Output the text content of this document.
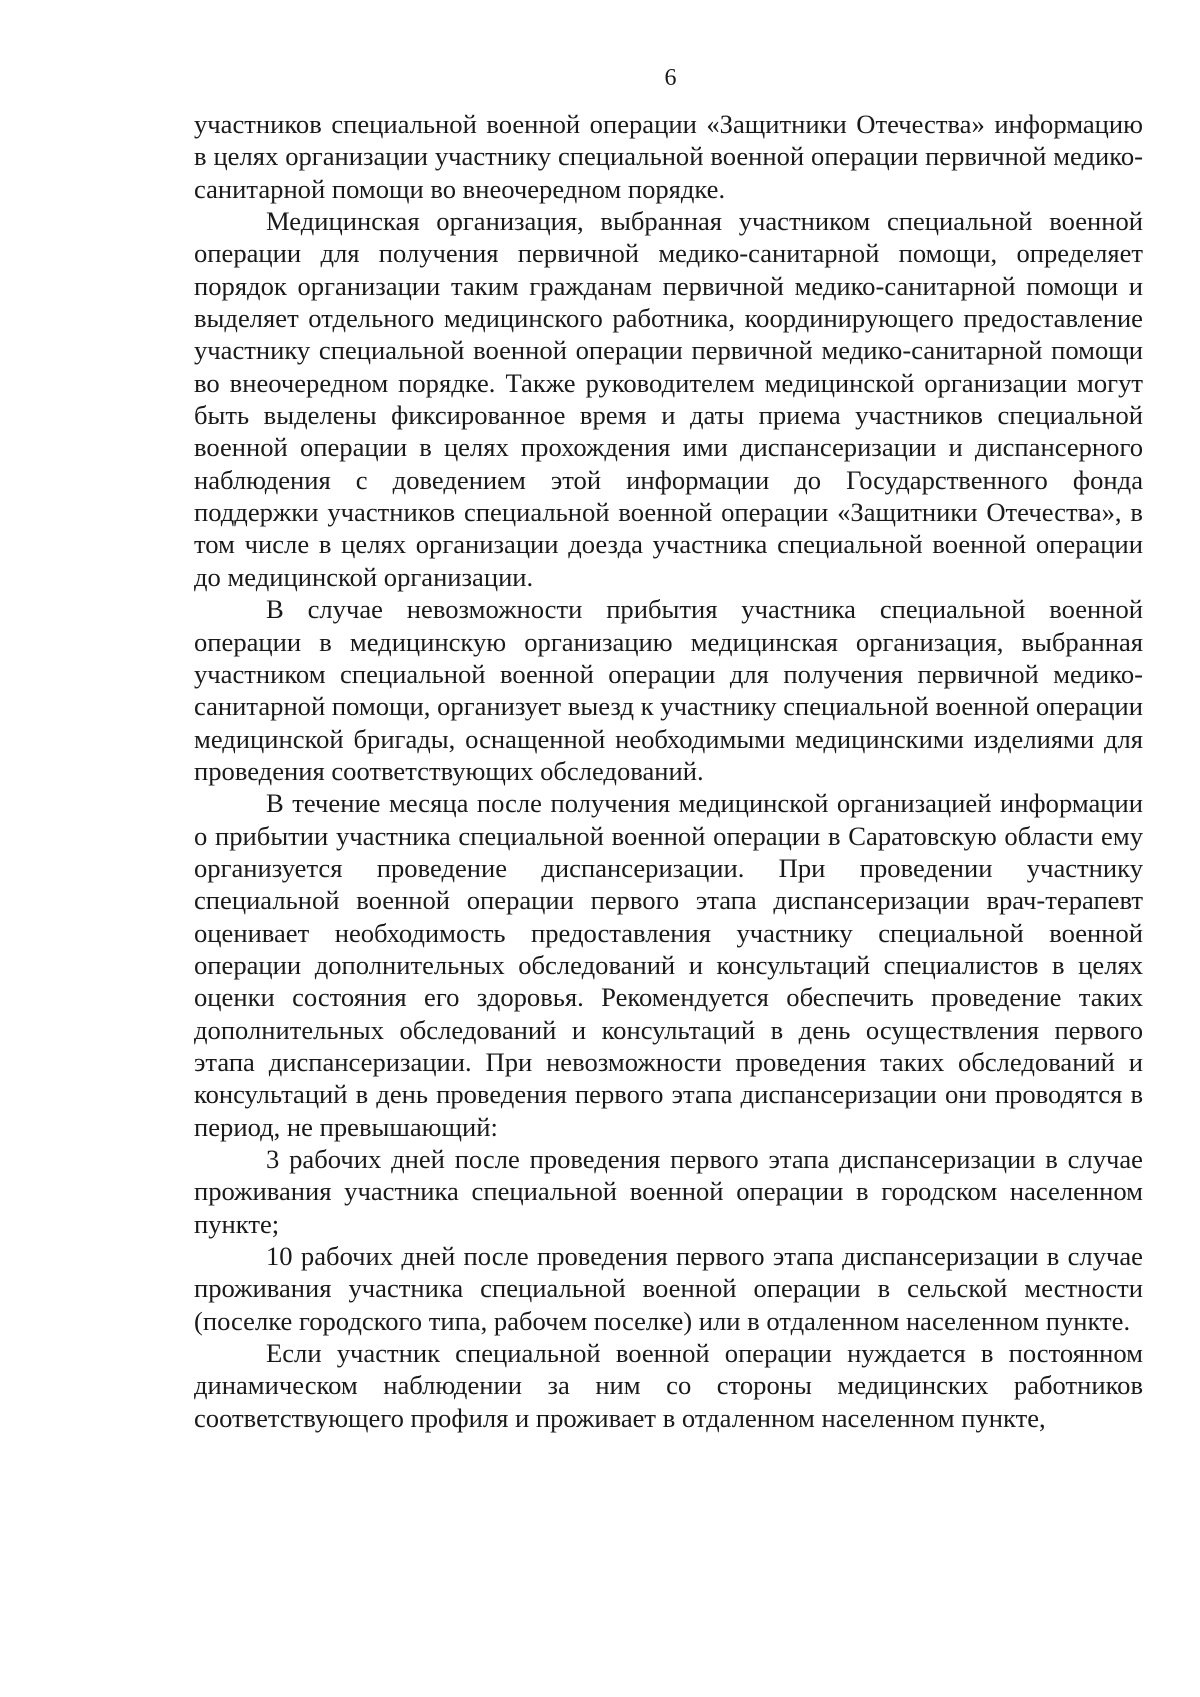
6

участников специальной военной операции «Защитники Отечества» информацию в целях организации участнику специальной военной операции первичной медико-санитарной помощи во внеочередном порядке.

Медицинская организация, выбранная участником специальной военной операции для получения первичной медико-санитарной помощи, определяет порядок организации таким гражданам первичной медико-санитарной помощи и выделяет отдельного медицинского работника, координирующего предоставление участнику специальной военной операции первичной медико-санитарной помощи во внеочередном порядке. Также руководителем медицинской организации могут быть выделены фиксированное время и даты приема участников специальной военной операции в целях прохождения ими диспансеризации и диспансерного наблюдения с доведением этой информации до Государственного фонда поддержки участников специальной военной операции «Защитники Отечества», в том числе в целях организации доезда участника специальной военной операции до медицинской организации.

В случае невозможности прибытия участника специальной военной операции в медицинскую организацию медицинская организация, выбранная участником специальной военной операции для получения первичной медико-санитарной помощи, организует выезд к участнику специальной военной операции медицинской бригады, оснащенной необходимыми медицинскими изделиями для проведения соответствующих обследований.

В течение месяца после получения медицинской организацией информации о прибытии участника специальной военной операции в Саратовскую области ему организуется проведение диспансеризации. При проведении участнику специальной военной операции первого этапа диспансеризации врач-терапевт оценивает необходимость предоставления участнику специальной военной операции дополнительных обследований и консультаций специалистов в целях оценки состояния его здоровья. Рекомендуется обеспечить проведение таких дополнительных обследований и консультаций в день осуществления первого этапа диспансеризации. При невозможности проведения таких обследований и консультаций в день проведения первого этапа диспансеризации они проводятся в период, не превышающий:

3 рабочих дней после проведения первого этапа диспансеризации в случае проживания участника специальной военной операции в городском населенном пункте;

10 рабочих дней после проведения первого этапа диспансеризации в случае проживания участника специальной военной операции в сельской местности (поселке городского типа, рабочем поселке) или в отдаленном населенном пункте.

Если участник специальной военной операции нуждается в постоянном динамическом наблюдении за ним со стороны медицинских работников соответствующего профиля и проживает в отдаленном населенном пункте,
